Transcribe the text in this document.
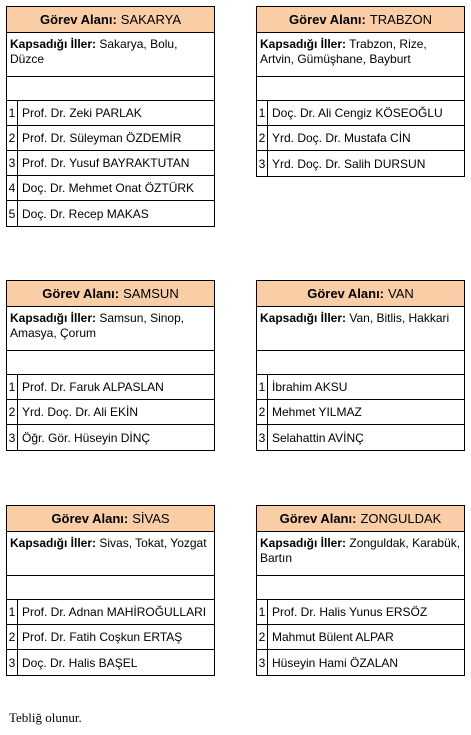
Görev Alanı: SAKARYA
Kapsadığı İller: Sakarya, Bolu, Düzce
1 Prof. Dr. Zeki PARLAK
2 Prof. Dr. Süleyman ÖZDEMİR
3 Prof. Dr. Yusuf BAYRAKTUTAN
4 Doç. Dr. Mehmet Onat ÖZTÜRK
5 Doç. Dr. Recep MAKAS
Görev Alanı: TRABZON
Kapsadığı İller: Trabzon, Rize, Artvin, Gümüşhane, Bayburt
1 Doç. Dr. Ali Cengiz KÖSEOĞLU
2 Yrd. Doç. Dr. Mustafa CİN
3 Yrd. Doç. Dr. Salih DURSUN
Görev Alanı: SAMSUN
Kapsadığı İller: Samsun, Sinop, Amasya, Çorum
1 Prof. Dr. Faruk ALPASLAN
2 Yrd. Doç. Dr. Ali EKİN
3 Öğr. Gör. Hüseyin DİNÇ
Görev Alanı: VAN
Kapsadığı İller: Van, Bitlis, Hakkari
1 İbrahim AKSU
2 Mehmet YILMAZ
3 Selahattin AVİNÇ
Görev Alanı: SİVAS
Kapsadığı İller: Sivas, Tokat, Yozgat
1 Prof. Dr. Adnan MAHİROĞULLARI
2 Prof. Dr. Fatih Coşkun ERTAŞ
3 Doç. Dr. Halis BAŞEL
Görev Alanı: ZONGULDAK
Kapsadığı İller: Zonguldak, Karabük, Bartın
1 Prof. Dr. Halis Yunus ERSÖZ
2 Mahmut Bülent ALPAR
3 Hüseyin Hami ÖZALAN
Tebliğ olunur.
